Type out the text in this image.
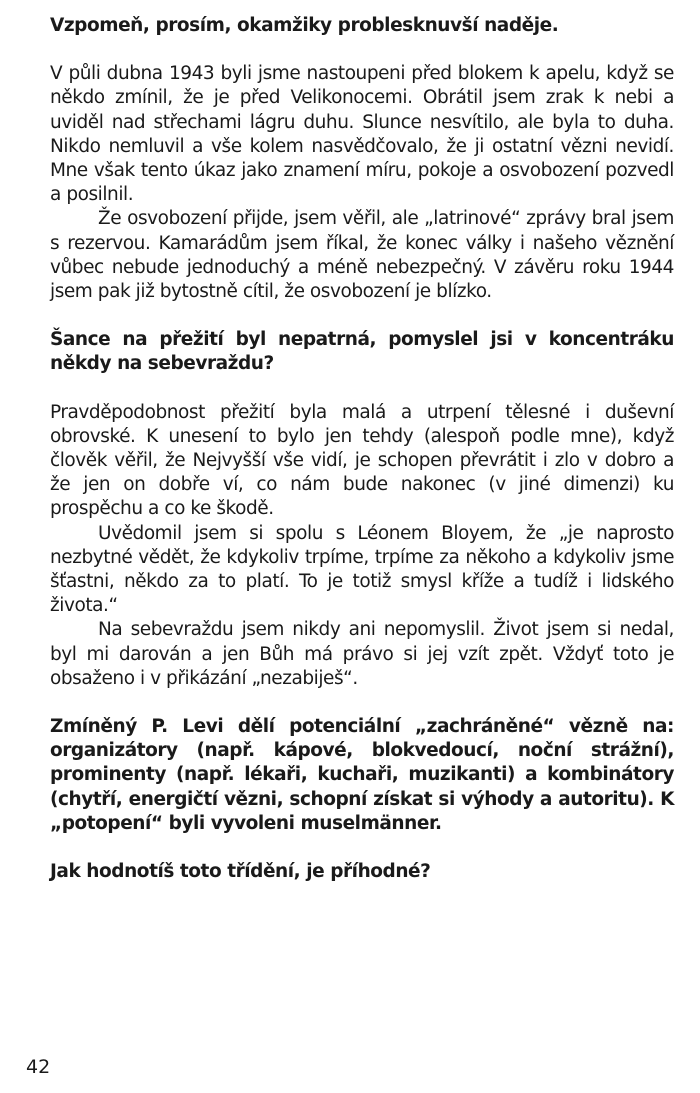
Vzpomeň, prosím, okamžiky problesknuvší naděje.

V půli dubna 1943 byli jsme nastoupeni před blokem k apelu, když se někdo zmínil, že je před Velikonocemi. Obrátil jsem zrak k nebi a uviděl nad střechami lágru duhu. Slunce nesvítilo, ale byla to duha. Nikdo nemluvil a vše kolem nasvědčovalo, že ji ostatní vězni nevidí. Mne však tento úkaz jako znamení míru, pokoje a osvobození pozvedl a posilnil.

Že osvobození přijde, jsem věřil, ale „latrinové“ zprávy bral jsem s rezervou. Kamarádům jsem říkal, že konec války i našeho věznění vůbec nebude jednoduchý a méně nebezpečný. V závěru roku 1944 jsem pak již bytostně cítil, že osvobození je blízko.

Šance na přežití byl nepatrná, pomyslel jsi v koncentráku někdy na sebevraždu?

Pravděpodobnost přežití byla malá a utrpení tělesné i duševní obrovské. K unesení to bylo jen tehdy (alespoň podle mne), když člověk věřil, že Nejvyšší vše vidí, je schopen převrátit i zlo v dobro a že jen on dobře ví, co nám bude nakonec (v jiné dimenzi) ku prospěchu a co ke škodě.

Uvědomil jsem si spolu s Léonem Bloyem, že „je naprosto nezbytné vědět, že kdykoliv trpíme, trpíme za někoho a kdykoliv jsme šťastni, někdo za to platí. To je totiž smysl kříže a tudíž i lidského života.“

Na sebevraždu jsem nikdy ani nepomyslil. Život jsem si nedal, byl mi darován a jen Bůh má právo si jej vzít zpět. Vždyť toto je obsaženo i v přikázání „nezabiješ“.

Zmíněný P. Levi dělí potenciální „zachráněné“ vězně na: organizátory (např. kápové, blokvedoucí, noční strážní), prominenty (např. lékaři, kuchaři, muzikanti) a kombinátory (chytří, energičtí vězni, schopní získat si výhody a autoritu). K „potopení“ byli vyvoleni muselmänner.

Jak hodnotíš toto třídění, je příhodné?

42
